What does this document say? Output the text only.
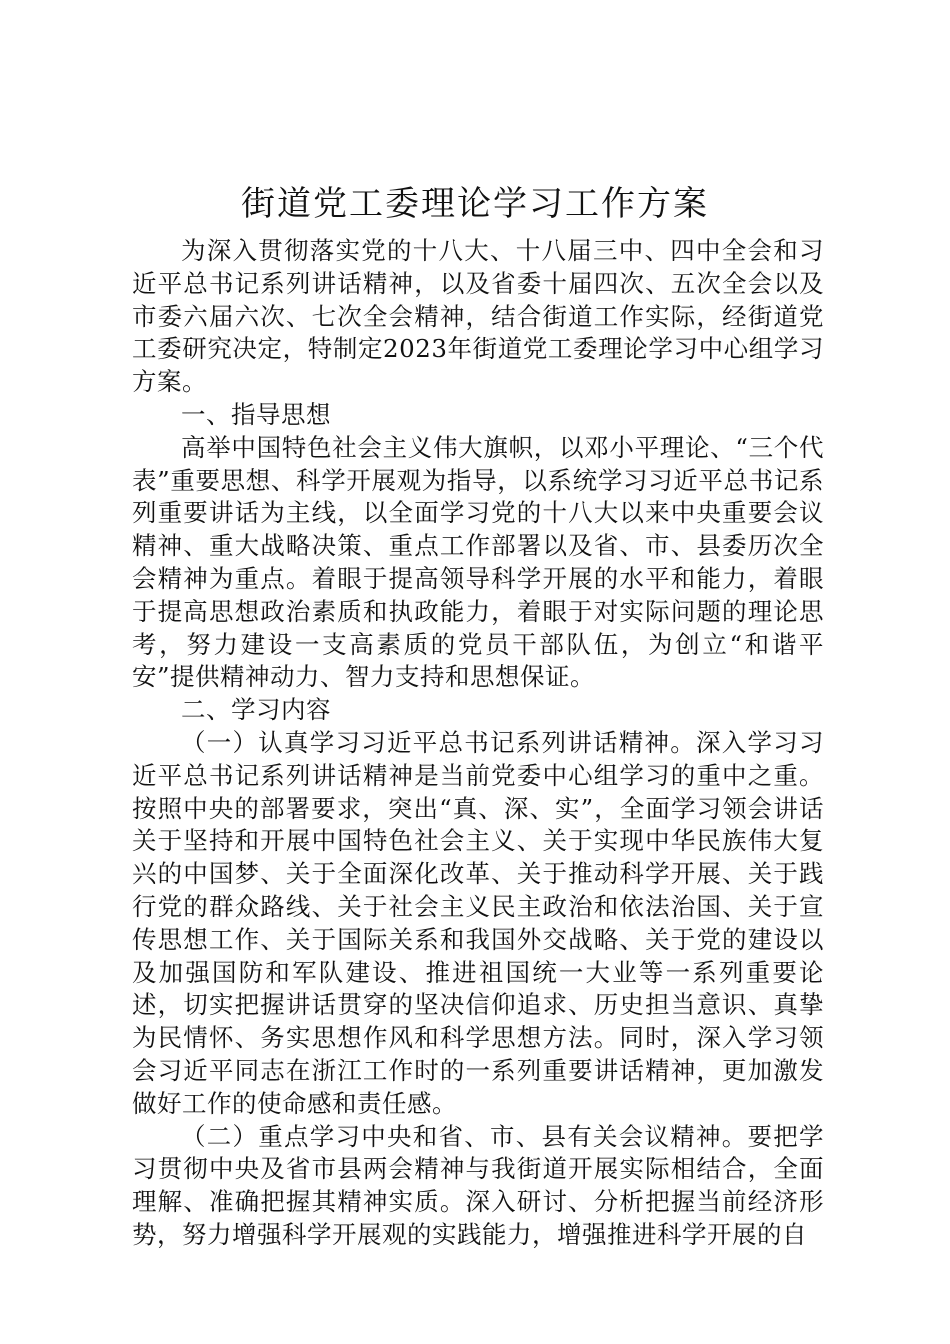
街道党工委理论学习工作方案

为深入贯彻落实党的十八大、十八届三中、四中全会和习近平总书记系列讲话精神，以及省委十届四次、五次全会以及市委六届六次、七次全会精神，结合街道工作实际，经街道党工委研究决定，特制定2023年街道党工委理论学习中心组学习方案。

一、指导思想

高举中国特色社会主义伟大旗帜，以邓小平理论、“三个代表”重要思想、科学开展观为指导，以系统学习习近平总书记系列重要讲话为主线，以全面学习党的十八大以来中央重要会议精神、重大战略决策、重点工作部署以及省、市、县委历次全会精神为重点。着眼于提高领导科学开展的水平和能力，着眼于提高思想政治素质和执政能力，着眼于对实际问题的理论思考，努力建设一支高素质的党员干部队伍，为创立“和谐平安”提供精神动力、智力支持和思想保证。

二、学习内容

（一）认真学习习近平总书记系列讲话精神。深入学习习近平总书记系列讲话精神是当前党委中心组学习的重中之重。按照中央的部署要求，突出“真、深、实”，全面学习领会讲话关于坚持和开展中国特色社会主义、关于实现中华民族伟大复兴的中国梦、关于全面深化改革、关于推动科学开展、关于践行党的群众路线、关于社会主义民主政治和依法治国、关于宣传思想工作、关于国际关系和我国外交战略、关于党的建设以及加强国防和军队建设、推进祖国统一大业等一系列重要论述，切实把握讲话贯穿的坚决信仰追求、历史担当意识、真挚为民情怀、务实思想作风和科学思想方法。同时，深入学习领会习近平同志在浙江工作时的一系列重要讲话精神，更加激发做好工作的使命感和责任感。

（二）重点学习中央和省、市、县有关会议精神。要把学习贯彻中央及省市县两会精神与我街道开展实际相结合，全面理解、准确把握其精神实质。深入研讨、分析把握当前经济形势，努力增强科学开展观的实践能力，增强推进科学开展的自
